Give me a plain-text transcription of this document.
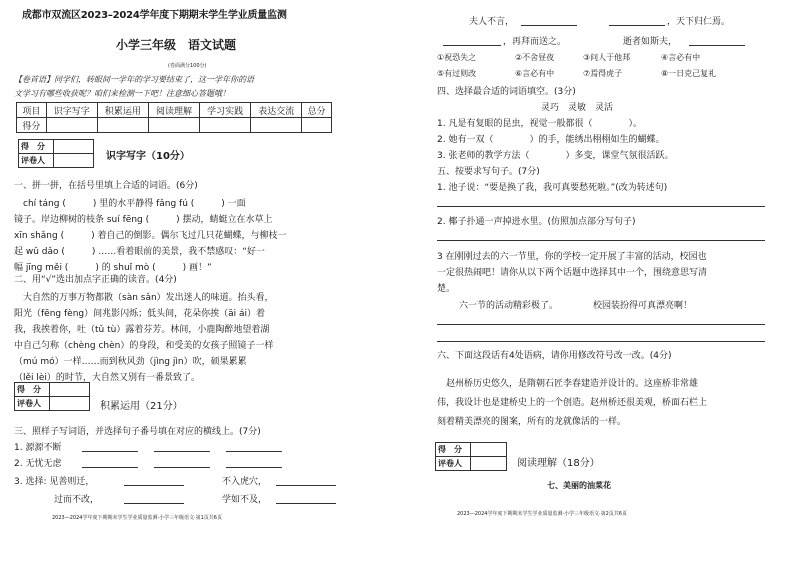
成都市双流区2023–2024学年度下期期末学生学业质量监测
小学三年级　语文试题
(卷面满分100分)
【卷首语】同学们，转眼间一学年的学习要结束了，这一学年你的语
文学习有哪些收获呢？咱们来检测一下吧！注意细心答题哦！
项目	识字写字	积累运用	阅读理解	学习实践	表达交流	总分
得分						
得　分	
评卷人		识字写字（10分）
一、拼一拼，在括号里填上合适的词语。(6分)
　chí táng (　　　) 里的水平静得 fǎng fú (　　　) 一面
镜子。岸边柳树的枝条 suí fēng (　　　) 摆动，蜻蜓立在水草上
xīn shǎng (　　　) 着自己的倒影。偶尔飞过几只花蝴蝶，与柳枝一
起 wǔ dǎo (　　　) ……看着眼前的美景，我不禁感叹：“好一
幅 jīng měi (　　　) 的 shuǐ mò (　　　) 画！”
二、用“√”选出加点字正确的读音。(4分)
　大自然的万事万物都散（sàn sǎn）发出迷人的味道。抬头看，
阳光（fēng fèng）间兆影闪烁；低头间，花朵你挨（āi ái）着
我，我挨着你，吐（tǔ tù）露着芬芳。林间，小鹿陶醉地望着湖
中自己匀称（chèng chèn）的身段，和受美的女孩子照镜子一样
（mú mó）一样……而到秋风劲（jìng jìn）吹，硕果累累
（lěi lèi）的时节，大自然又别有一番景致了。
得　分	
评卷人		积累运用（21分）
三、照样子写词语，并选择句子番号填在对应的横线上。(7分)
1. 源源不断
2. 无忧无虑
3. 选择: 见善则迁，	不入虎穴，
过而不改，	学如不及，
2023—2024学年度下期期末学生学业质量监测·小学三年级语文·第1页共6页
夫人不言，	，天下归仁焉。
，再拜而送之。	逝者如斯夫，
①祝恐失之	②不舍昼夜	③问人于他邦	④言必有中
⑤有过则改	⑥言必有中	⑦焉得虎子	⑧一日克己复礼
四、选择最合适的词语填空。(3分)
灵巧　灵敏　灵活
1. 凡是有复眼的昆虫，视觉一般都很（　　　　）。
2. 她有一双（　　　　）的手，能绣出栩栩如生的蝴蝶。
3. 张老师的教学方法（　　　　）多变，课堂气氛很活跃。
五、按要求写句子。(7分)
1. 池子说：“要是换了我，我可真要愁死啦。”(改为转述句)
2. 椰子扑通一声掉进水里。(仿照加点部分写句子)
3 在刚刚过去的六一节里，你的学校一定开展了丰富的活动，校园也
一定很热闹吧！请你从以下两个话题中选择其中一个，围绕意思写清
楚。
六一节的活动精彩极了。	校园装扮得可真漂亮啊！
六、下面这段话有4处语病，请你用修改符号改一改。(4分)
　赵州桥历史悠久，是隋朝石匠李春建造并设计的。这座桥非常雄
伟，我设计也是建桥史上的一个创造。赵州桥还很美观，桥面石栏上
刻着精美漂亮的图案，所有的龙就像活的一样。
得　分	
评卷人		阅读理解（18分）
七、美丽的油菜花
2023—2024学年度下期期末学生学业质量监测·小学三年级语文·第2页共6页
